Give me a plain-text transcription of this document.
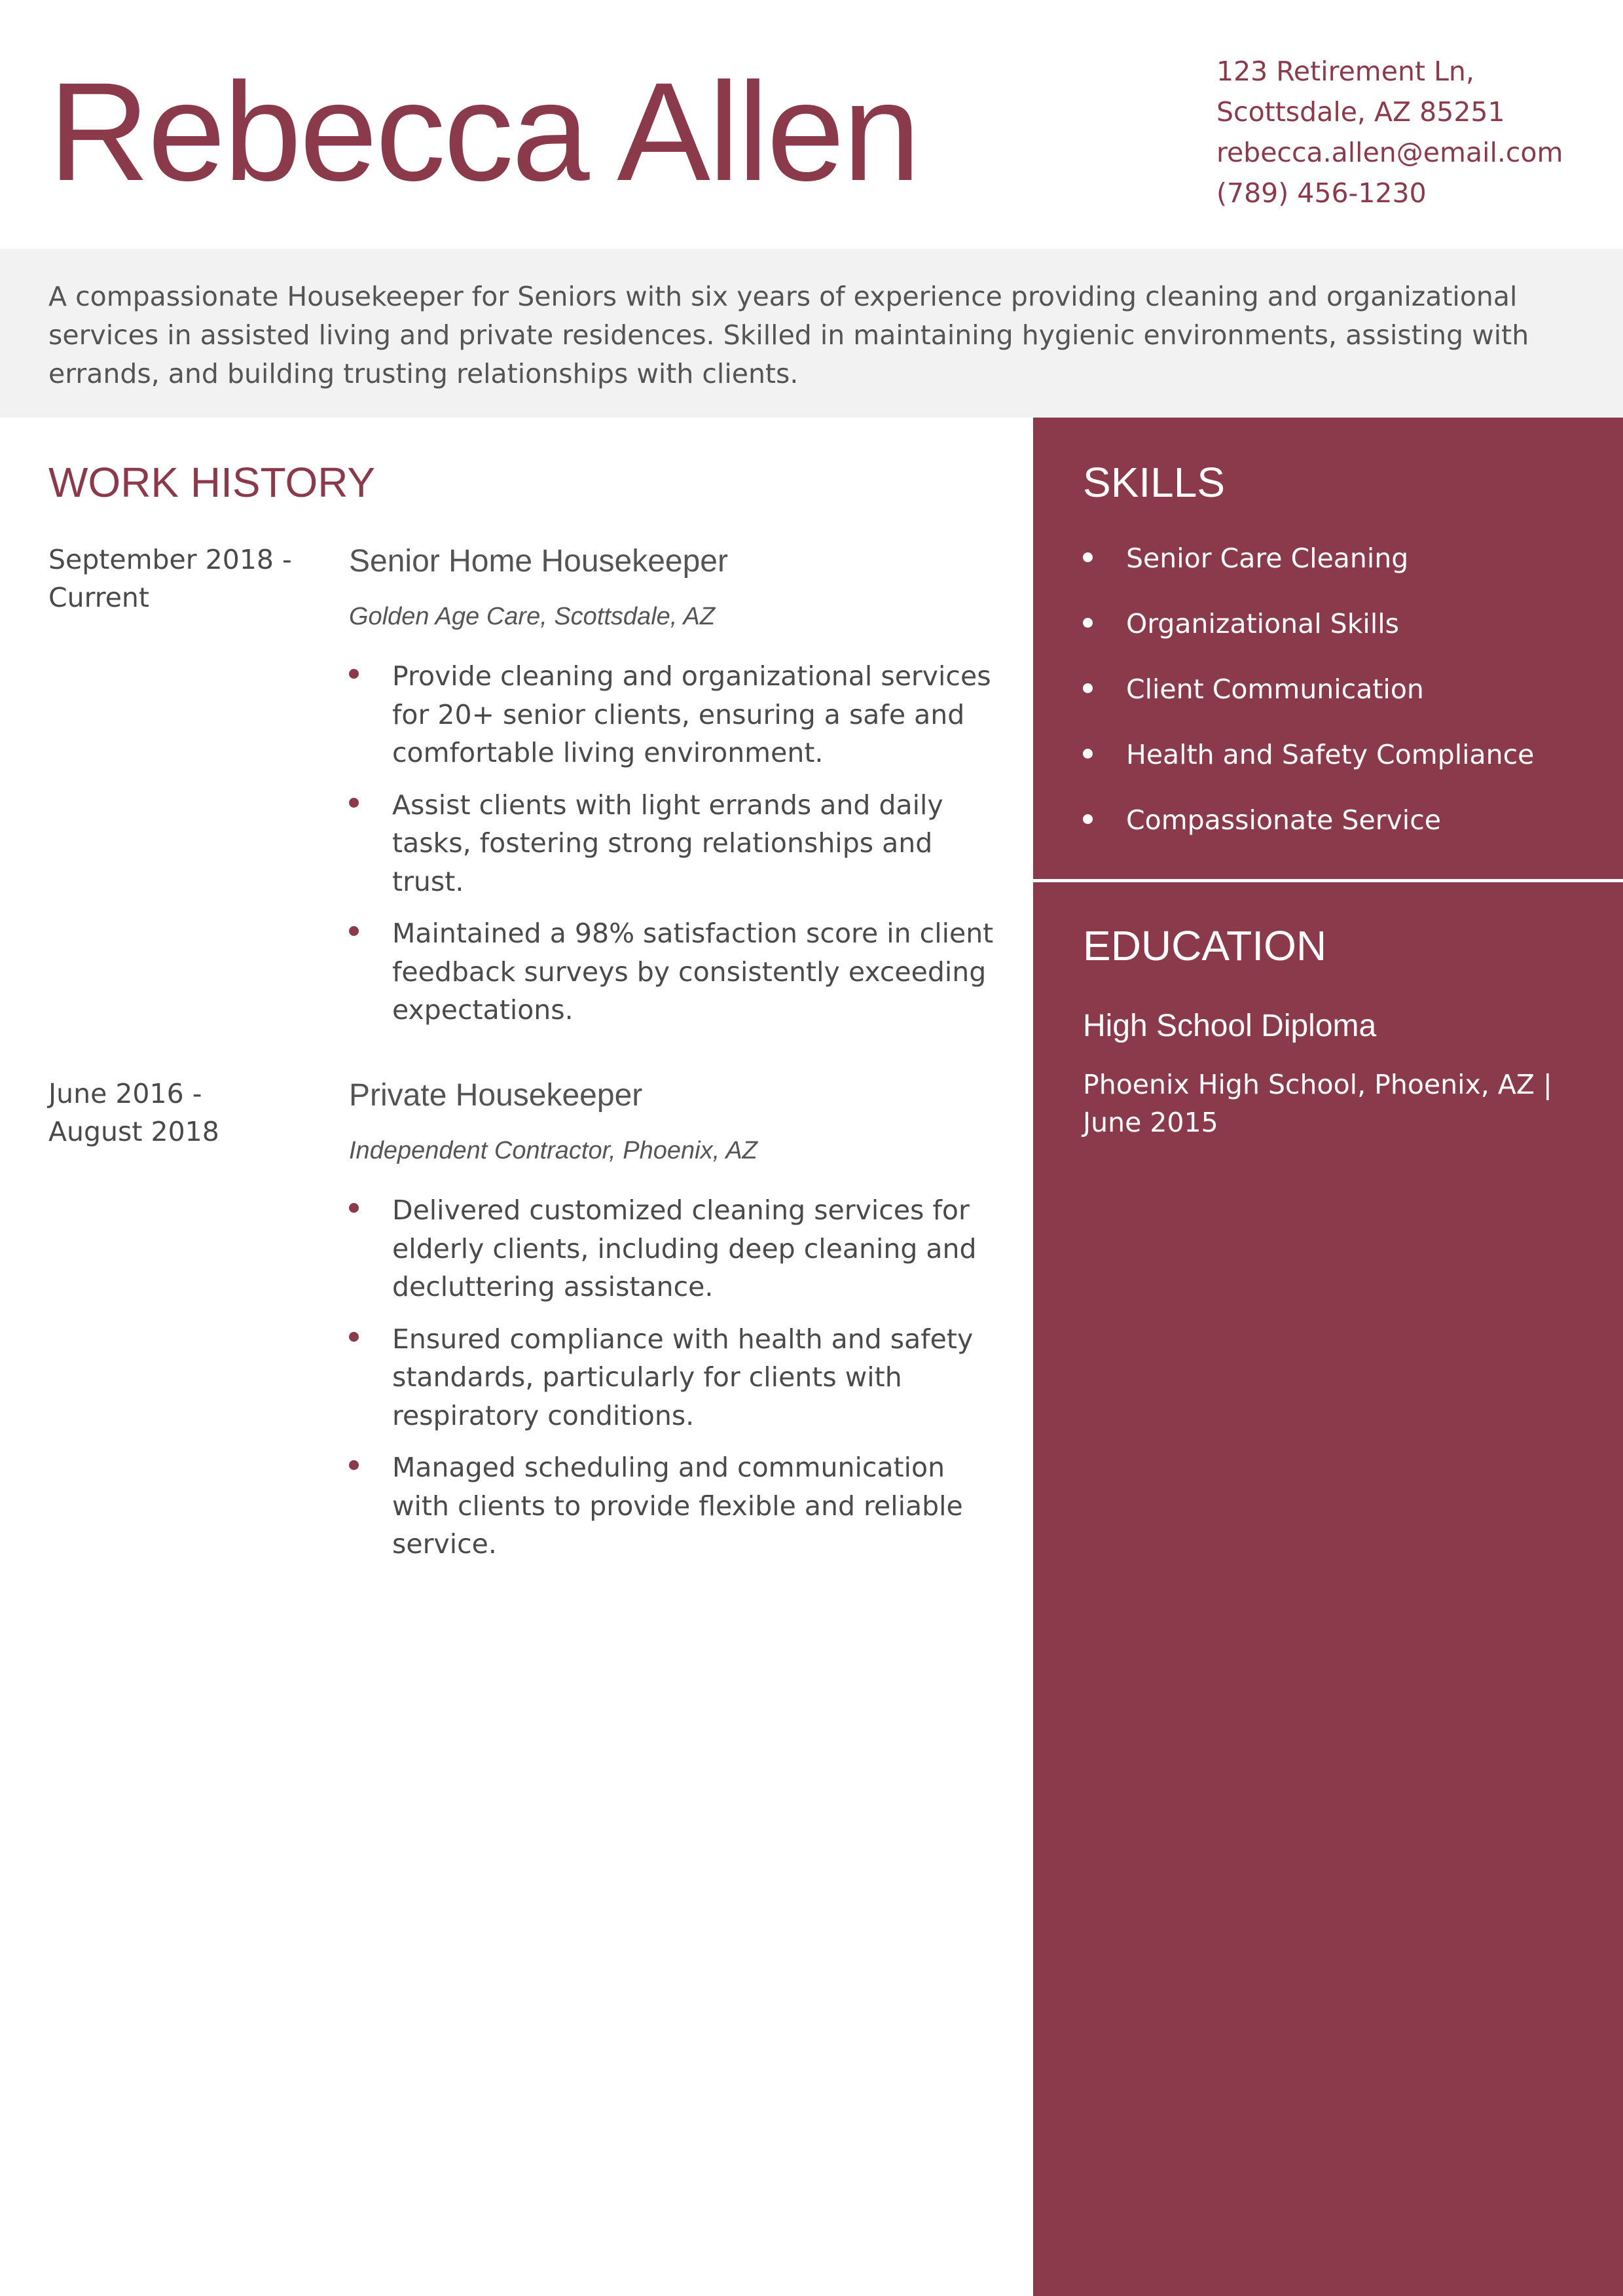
Rebecca Allen	123 Retirement Ln,
Scottsdale, AZ 85251
rebecca.allen@email.com
(789) 456-1230

A compassionate Housekeeper for Seniors with six years of experience providing cleaning and organizational services in assisted living and private residences. Skilled in maintaining hygienic environments, assisting with errands, and building trusting relationships with clients.

WORK HISTORY
September 2018 -
Current
Senior Home Housekeeper
Golden Age Care, Scottsdale, AZ
Provide cleaning and organizational services for 20+ senior clients, ensuring a safe and comfortable living environment.
Assist clients with light errands and daily tasks, fostering strong relationships and trust.
Maintained a 98% satisfaction score in client feedback surveys by consistently exceeding expectations.
June 2016 -
August 2018
Private Housekeeper
Independent Contractor, Phoenix, AZ
Delivered customized cleaning services for elderly clients, including deep cleaning and decluttering assistance.
Ensured compliance with health and safety standards, particularly for clients with respiratory conditions.
Managed scheduling and communication with clients to provide flexible and reliable service.
SKILLS
Senior Care Cleaning
Organizational Skills
Client Communication
Health and Safety Compliance
Compassionate Service
EDUCATION
High School Diploma
Phoenix High School, Phoenix, AZ | June 2015
